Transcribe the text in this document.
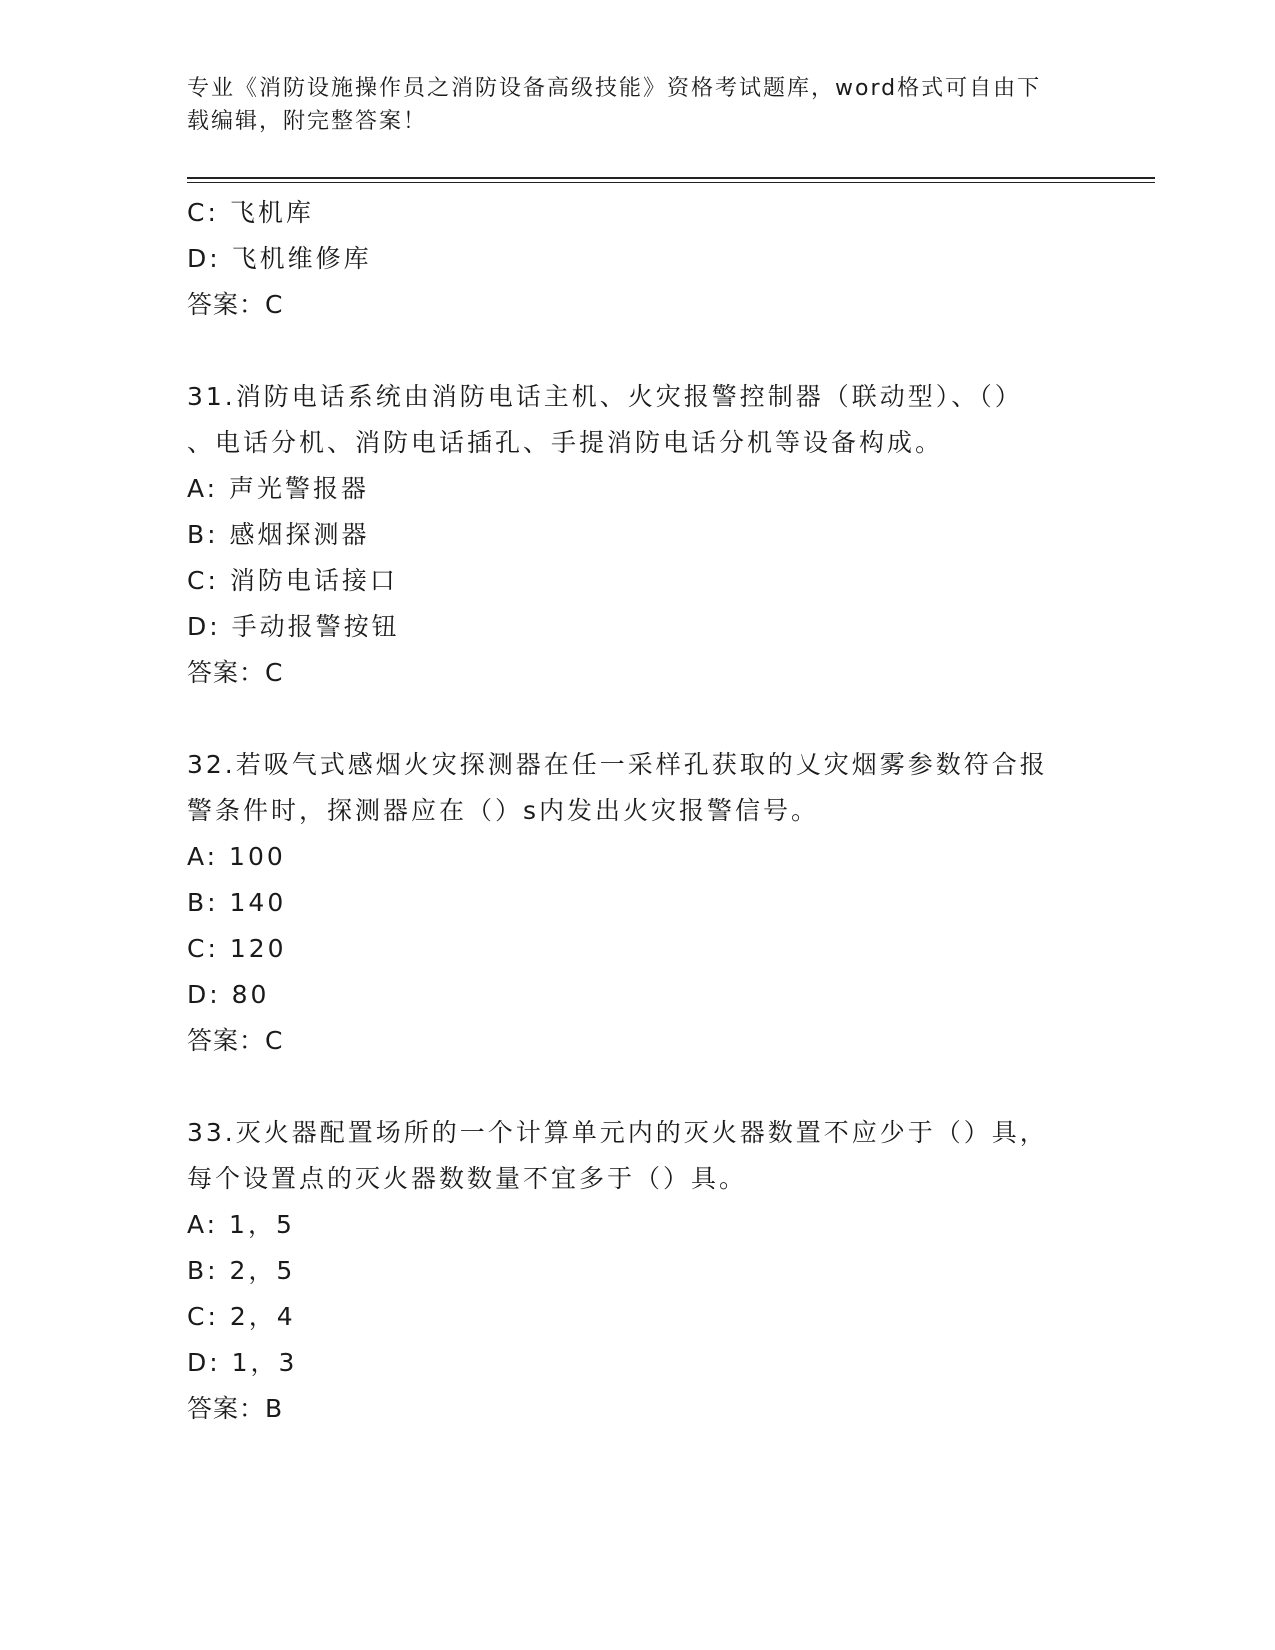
专业《消防设施操作员之消防设备高级技能》资格考试题库，word格式可自由下
载编辑，附完整答案！
C: 飞机库
D: 飞机维修库
答案：C
31.消防电话系统由消防电话主机、火灾报警控制器（联动型）、（）
、电话分机、消防电话插孔、手提消防电话分机等设备构成。
A: 声光警报器
B: 感烟探测器
C: 消防电话接口
D: 手动报警按钮
答案：C
32.若吸气式感烟火灾探测器在任一采样孔获取的乂灾烟雾参数符合报
警条件时，探测器应在（）s内发出火灾报警信号。
A: 100
B: 140
C: 120
D: 80
答案：C
33.灭火器配置场所的一个计算单元内的灭火器数置不应少于（）具，
每个设置点的灭火器数数量不宜多于（）具。
A: 1，5
B: 2，5
C: 2，4
D: 1，3
答案：B
